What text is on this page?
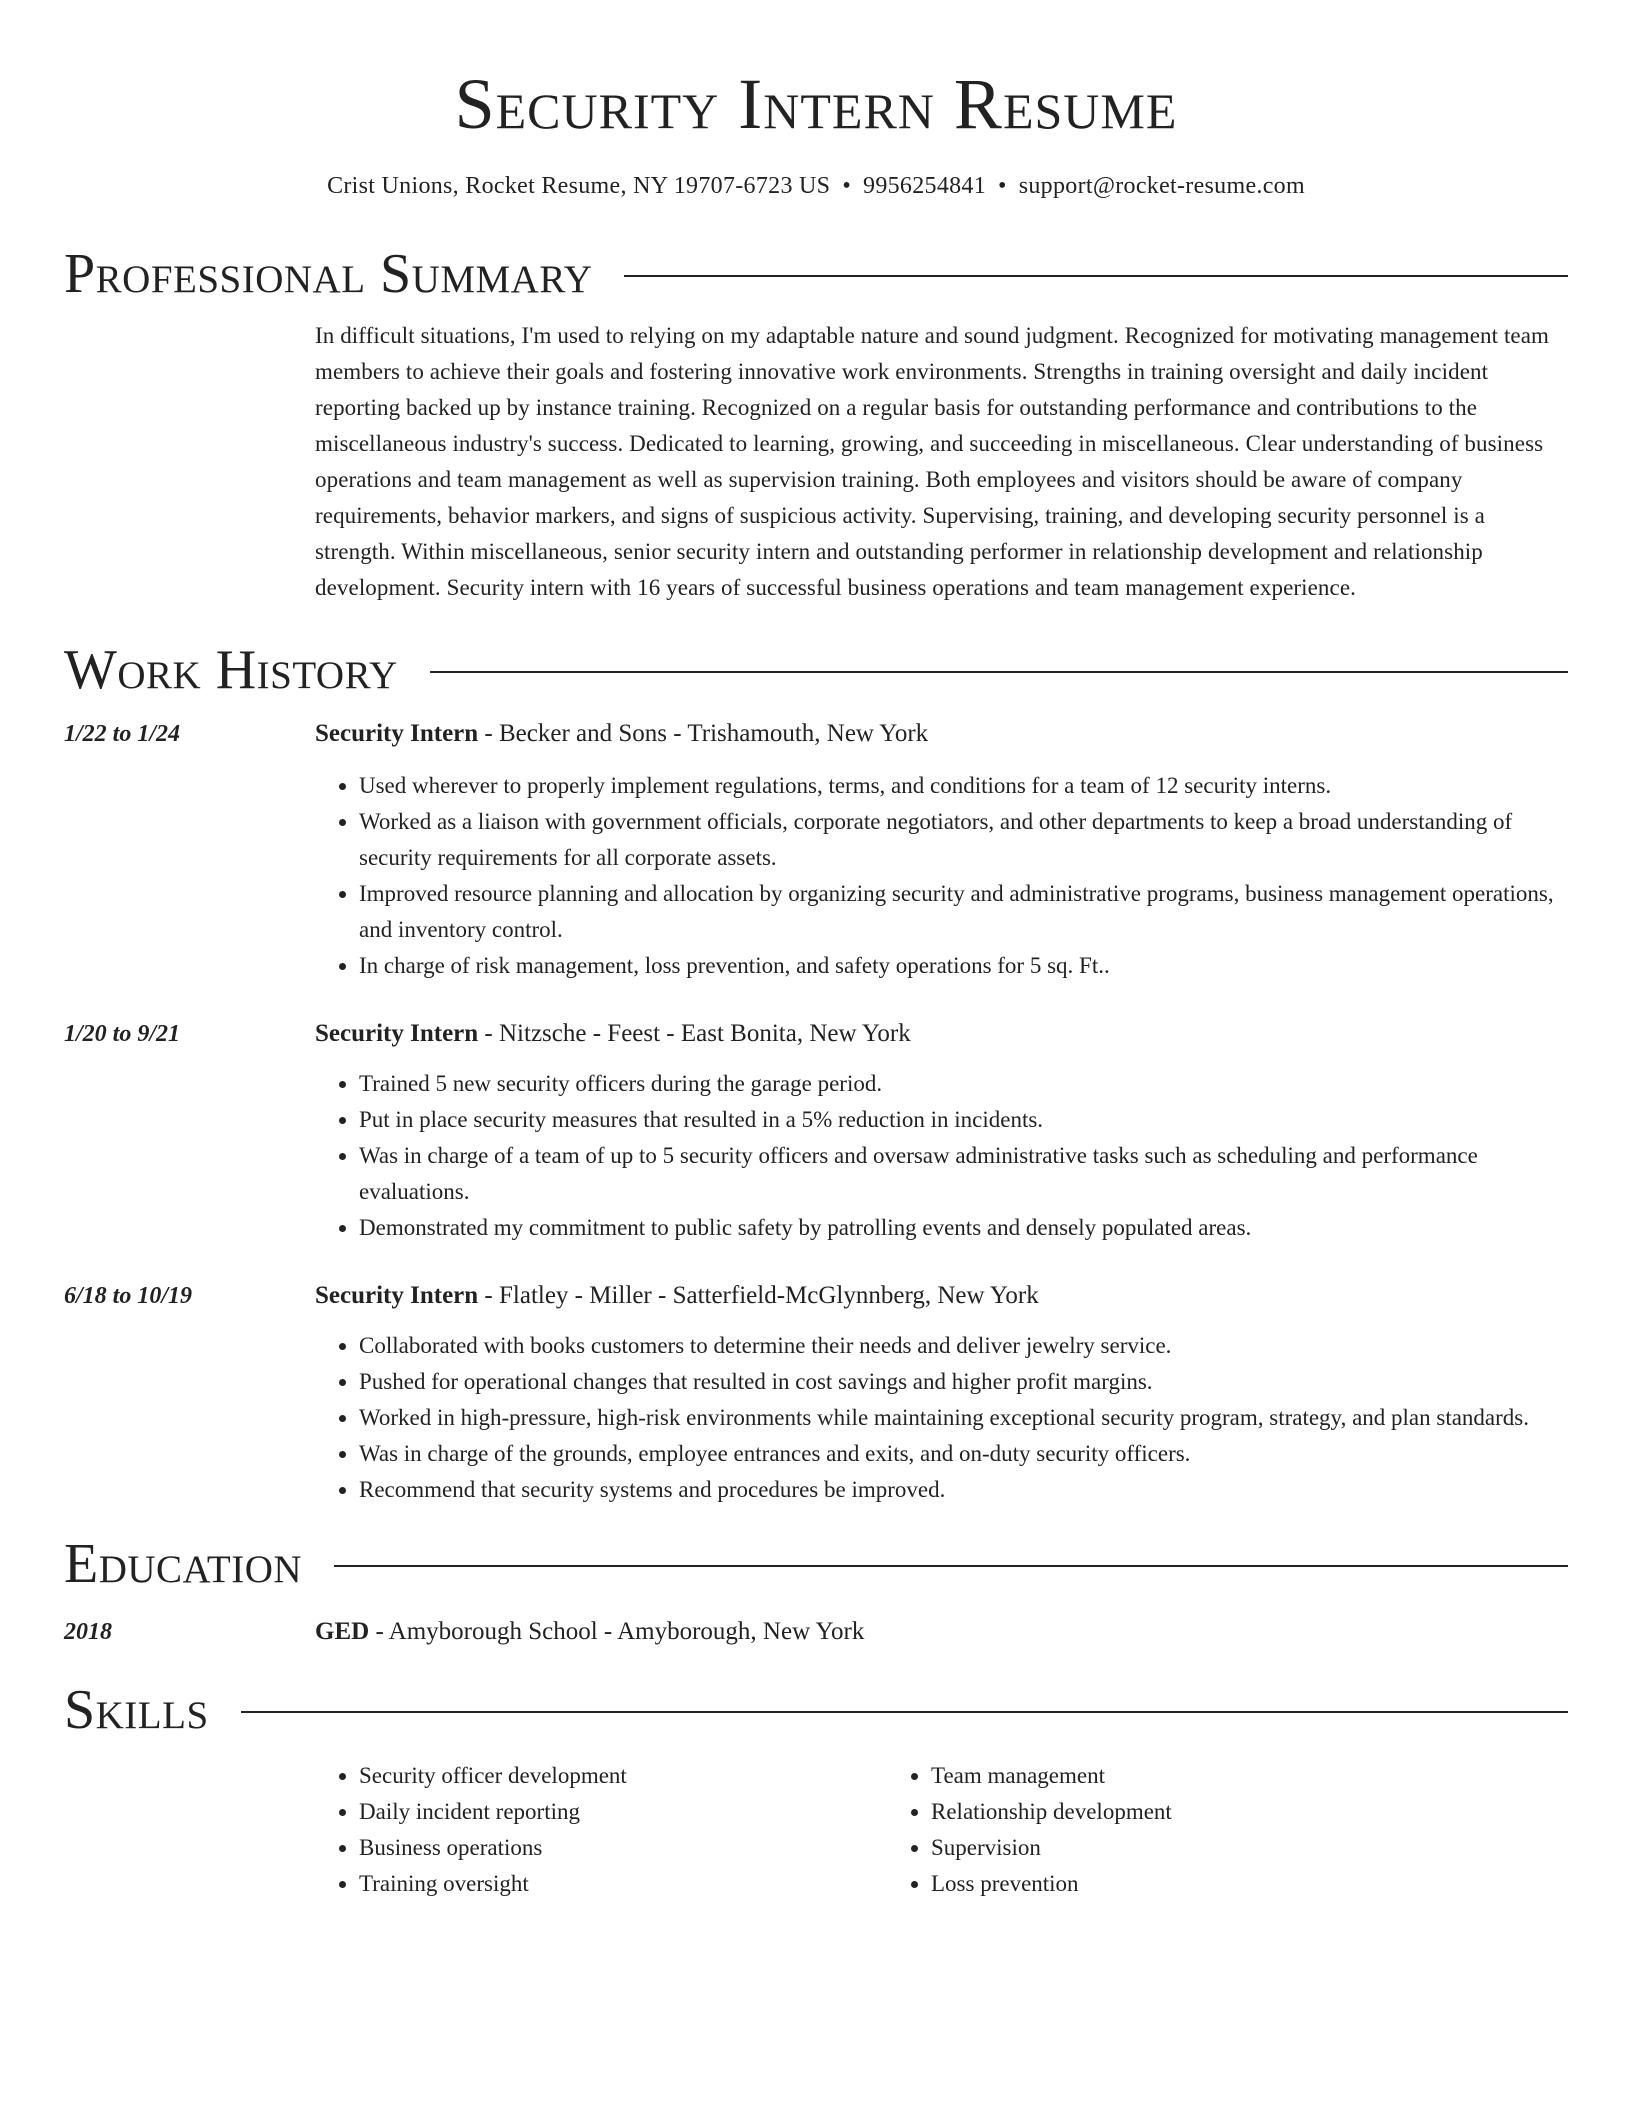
Security Intern Resume
Crist Unions, Rocket Resume, NY 19707-6723 US • 9956254841 • support@rocket-resume.com
Professional Summary
In difficult situations, I'm used to relying on my adaptable nature and sound judgment. Recognized for motivating management team members to achieve their goals and fostering innovative work environments. Strengths in training oversight and daily incident reporting backed up by instance training. Recognized on a regular basis for outstanding performance and contributions to the miscellaneous industry's success. Dedicated to learning, growing, and succeeding in miscellaneous. Clear understanding of business operations and team management as well as supervision training. Both employees and visitors should be aware of company requirements, behavior markers, and signs of suspicious activity. Supervising, training, and developing security personnel is a strength. Within miscellaneous, senior security intern and outstanding performer in relationship development and relationship development. Security intern with 16 years of successful business operations and team management experience.
Work History
1/22 to 1/24	Security Intern - Becker and Sons - Trishamouth, New York
• Used wherever to properly implement regulations, terms, and conditions for a team of 12 security interns.
• Worked as a liaison with government officials, corporate negotiators, and other departments to keep a broad understanding of security requirements for all corporate assets.
• Improved resource planning and allocation by organizing security and administrative programs, business management operations, and inventory control.
• In charge of risk management, loss prevention, and safety operations for 5 sq. Ft..
1/20 to 9/21	Security Intern - Nitzsche - Feest - East Bonita, New York
• Trained 5 new security officers during the garage period.
• Put in place security measures that resulted in a 5% reduction in incidents.
• Was in charge of a team of up to 5 security officers and oversaw administrative tasks such as scheduling and performance evaluations.
• Demonstrated my commitment to public safety by patrolling events and densely populated areas.
6/18 to 10/19	Security Intern - Flatley - Miller - Satterfield-McGlynnberg, New York
• Collaborated with books customers to determine their needs and deliver jewelry service.
• Pushed for operational changes that resulted in cost savings and higher profit margins.
• Worked in high-pressure, high-risk environments while maintaining exceptional security program, strategy, and plan standards.
• Was in charge of the grounds, employee entrances and exits, and on-duty security officers.
• Recommend that security systems and procedures be improved.
Education
2018	GED - Amyborough School - Amyborough, New York
Skills
• Security officer development
• Daily incident reporting
• Business operations
• Training oversight
• Team management
• Relationship development
• Supervision
• Loss prevention
